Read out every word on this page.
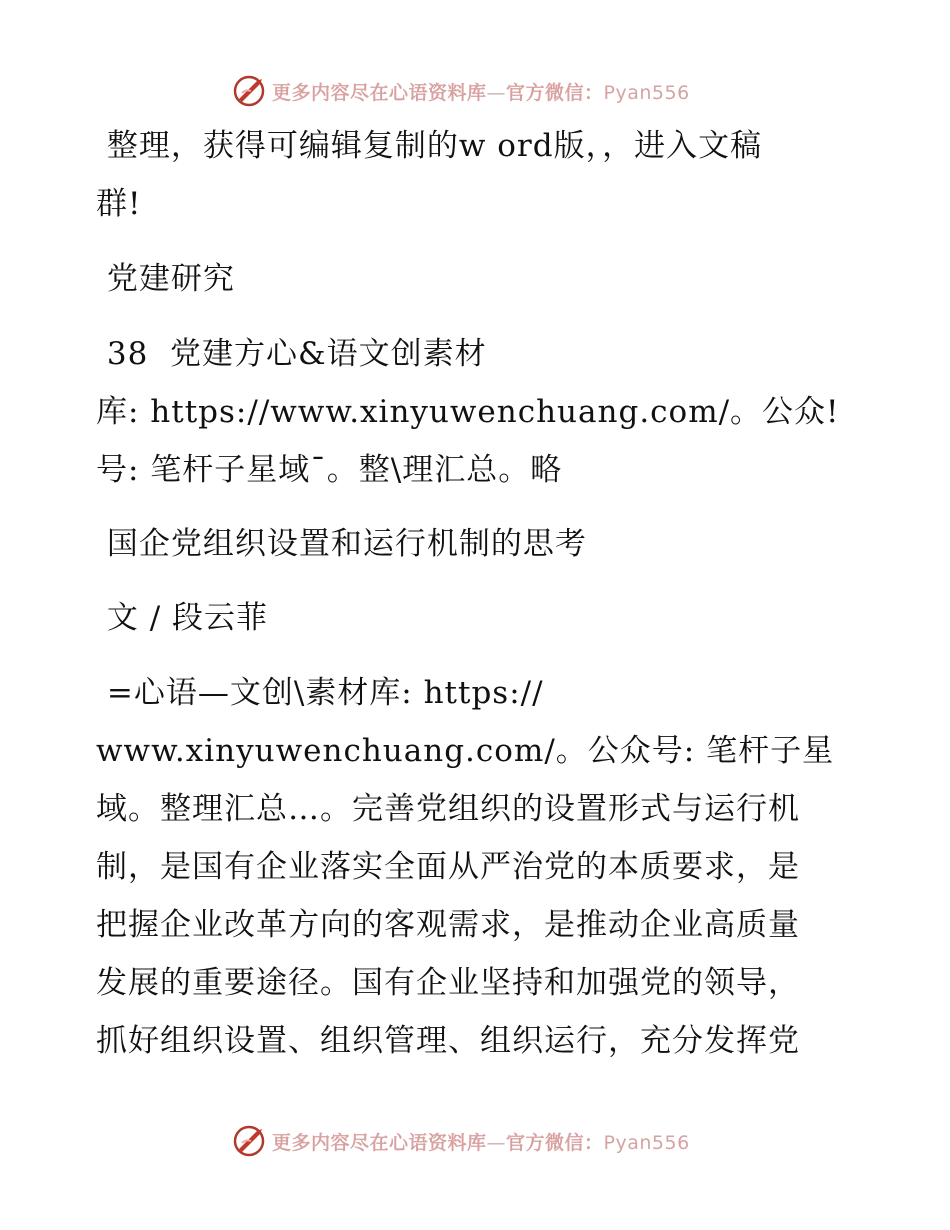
更多内容尽在心语资料库—官方微信：Pyan556
整理，获得可编辑复制的w ord版，，进入文稿
群!
党建研究
38  党建方心&语文创素材
库: https://www.xinyuwenchuang.com/。公众!
号: 笔杆子星域¯。整\理汇总。略
国企党组织设置和运行机制的思考
文 / 段云菲
=心语—文创\素材库: https://
www.xinyuwenchuang.com/。公众号: 笔杆子星
域。整理汇总…。完善党组织的设置形式与运行机
制，是国有企业落实全面从严治党的本质要求，是
把握企业改革方向的客观需求，是推动企业高质量
发展的重要途径。国有企业坚持和加强党的领导，
抓好组织设置、组织管理、组织运行，充分发挥党
更多内容尽在心语资料库—官方微信：Pyan556
